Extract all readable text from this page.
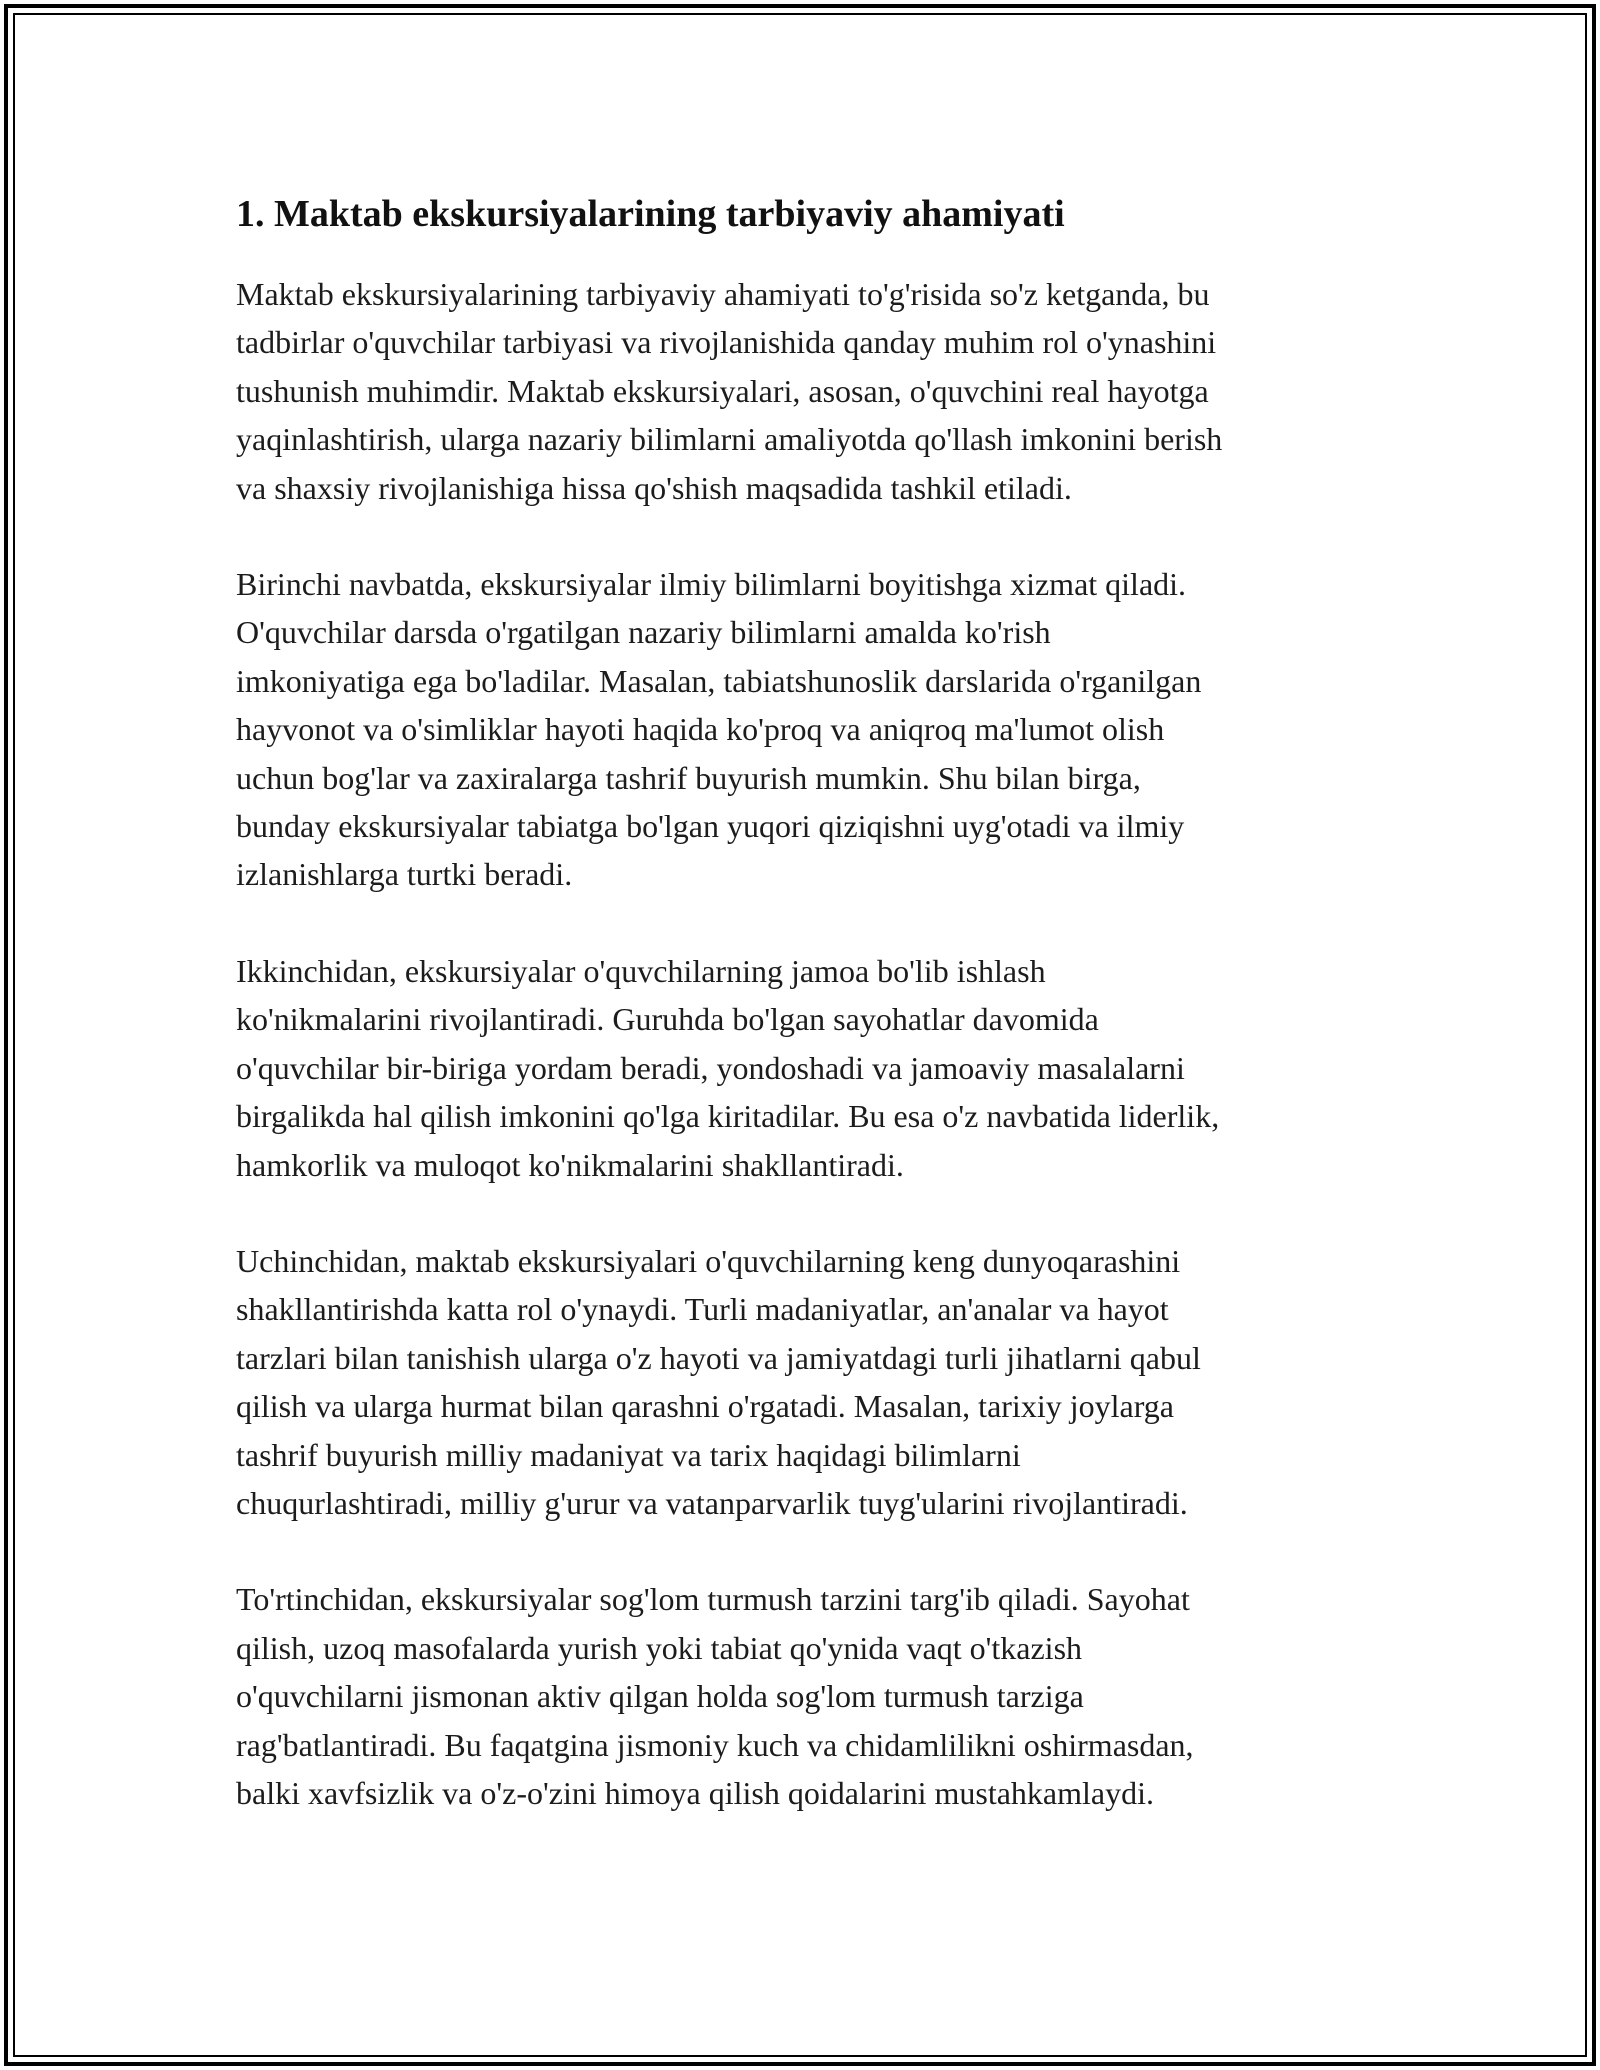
1. Maktab ekskursiyalarining tarbiyaviy ahamiyati

Maktab ekskursiyalarining tarbiyaviy ahamiyati to'g'risida so'z ketganda, bu
tadbirlar o'quvchilar tarbiyasi va rivojlanishida qanday muhim rol o'ynashini
tushunish muhimdir. Maktab ekskursiyalari, asosan, o'quvchini real hayotga
yaqinlashtirish, ularga nazariy bilimlarni amaliyotda qo'llash imkonini berish
va shaxsiy rivojlanishiga hissa qo'shish maqsadida tashkil etiladi.

Birinchi navbatda, ekskursiyalar ilmiy bilimlarni boyitishga xizmat qiladi.
O'quvchilar darsda o'rgatilgan nazariy bilimlarni amalda ko'rish
imkoniyatiga ega bo'ladilar. Masalan, tabiatshunoslik darslarida o'rganilgan
hayvonot va o'simliklar hayoti haqida ko'proq va aniqroq ma'lumot olish
uchun bog'lar va zaxiralarga tashrif buyurish mumkin. Shu bilan birga,
bunday ekskursiyalar tabiatga bo'lgan yuqori qiziqishni uyg'otadi va ilmiy
izlanishlarga turtki beradi.

Ikkinchidan, ekskursiyalar o'quvchilarning jamoa bo'lib ishlash
ko'nikmalarini rivojlantiradi. Guruhda bo'lgan sayohatlar davomida
o'quvchilar bir-biriga yordam beradi, yondoshadi va jamoaviy masalalarni
birgalikda hal qilish imkonini qo'lga kiritadilar. Bu esa o'z navbatida liderlik,
hamkorlik va muloqot ko'nikmalarini shakllantiradi.

Uchinchidan, maktab ekskursiyalari o'quvchilarning keng dunyoqarashini
shakllantirishda katta rol o'ynaydi. Turli madaniyatlar, an'analar va hayot
tarzlari bilan tanishish ularga o'z hayoti va jamiyatdagi turli jihatlarni qabul
qilish va ularga hurmat bilan qarashni o'rgatadi. Masalan, tarixiy joylarga
tashrif buyurish milliy madaniyat va tarix haqidagi bilimlarni
chuqurlashtiradi, milliy g'urur va vatanparvarlik tuyg'ularini rivojlantiradi.

To'rtinchidan, ekskursiyalar sog'lom turmush tarzini targ'ib qiladi. Sayohat
qilish, uzoq masofalarda yurish yoki tabiat qo'ynida vaqt o'tkazish
o'quvchilarni jismonan aktiv qilgan holda sog'lom turmush tarziga
rag'batlantiradi. Bu faqatgina jismoniy kuch va chidamlilikni oshirmasdan,
balki xavfsizlik va o'z-o'zini himoya qilish qoidalarini mustahkamlaydi.
